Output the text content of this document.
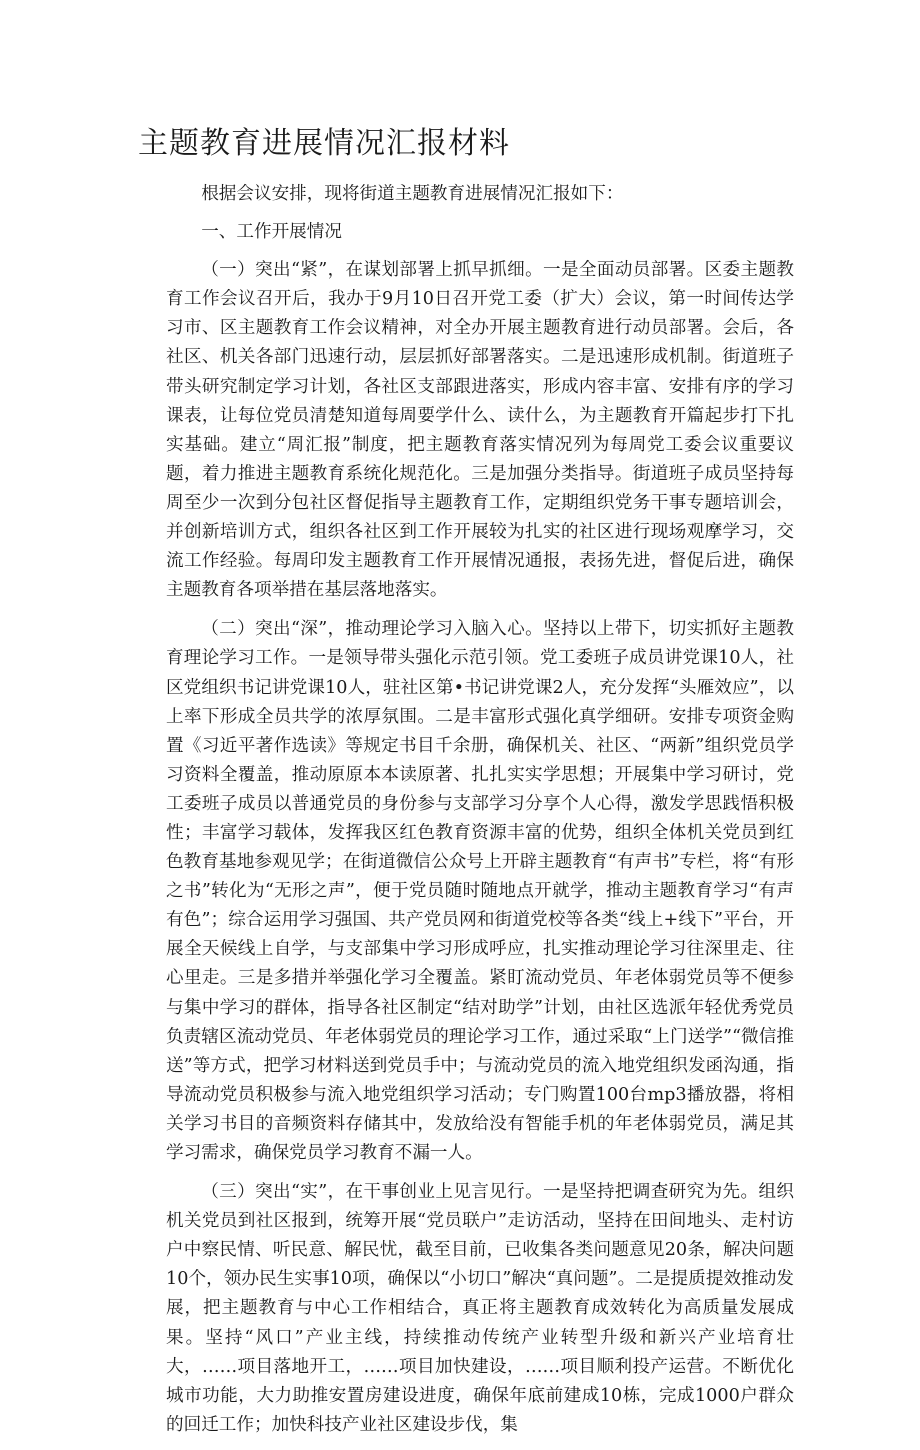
主题教育进展情况汇报材料

根据会议安排，现将街道主题教育进展情况汇报如下：

一、工作开展情况

（一）突出“紧”，在谋划部署上抓早抓细。一是全面动员部署。区委主题教育工作会议召开后，我办于9月10日召开党工委（扩大）会议，第一时间传达学习市、区主题教育工作会议精神，对全办开展主题教育进行动员部署。会后，各社区、机关各部门迅速行动，层层抓好部署落实。二是迅速形成机制。街道班子带头研究制定学习计划，各社区支部跟进落实，形成内容丰富、安排有序的学习课表，让每位党员清楚知道每周要学什么、读什么，为主题教育开篇起步打下扎实基础。建立“周汇报”制度，把主题教育落实情况列为每周党工委会议重要议题，着力推进主题教育系统化规范化。三是加强分类指导。街道班子成员坚持每周至少一次到分包社区督促指导主题教育工作，定期组织党务干事专题培训会，并创新培训方式，组织各社区到工作开展较为扎实的社区进行现场观摩学习，交流工作经验。每周印发主题教育工作开展情况通报，表扬先进，督促后进，确保主题教育各项举措在基层落地落实。

（二）突出“深”，推动理论学习入脑入心。坚持以上带下，切实抓好主题教育理论学习工作。一是领导带头强化示范引领。党工委班子成员讲党课10人，社区党组织书记讲党课10人，驻社区第•书记讲党课2人，充分发挥“头雁效应”，以上率下形成全员共学的浓厚氛围。二是丰富形式强化真学细研。安排专项资金购置《习近平著作选读》等规定书目千余册，确保机关、社区、“两新”组织党员学习资料全覆盖，推动原原本本读原著、扎扎实实学思想；开展集中学习研讨，党工委班子成员以普通党员的身份参与支部学习分享个人心得，激发学思践悟积极性；丰富学习载体，发挥我区红色教育资源丰富的优势，组织全体机关党员到红色教育基地参观见学；在街道微信公众号上开辟主题教育“有声书”专栏，将“有形之书”转化为“无形之声”，便于党员随时随地点开就学，推动主题教育学习“有声有色”；综合运用学习强国、共产党员网和街道党校等各类“线上+线下”平台，开展全天候线上自学，与支部集中学习形成呼应，扎实推动理论学习往深里走、往心里走。三是多措并举强化学习全覆盖。紧盯流动党员、年老体弱党员等不便参与集中学习的群体，指导各社区制定“结对助学”计划，由社区选派年轻优秀党员负责辖区流动党员、年老体弱党员的理论学习工作，通过采取“上门送学”“微信推送”等方式，把学习材料送到党员手中；与流动党员的流入地党组织发函沟通，指导流动党员积极参与流入地党组织学习活动；专门购置100台mp3播放器，将相关学习书目的音频资料存储其中，发放给没有智能手机的年老体弱党员，满足其学习需求，确保党员学习教育不漏一人。

（三）突出“实”，在干事创业上见言见行。一是坚持把调查研究为先。组织机关党员到社区报到，统筹开展“党员联户”走访活动，坚持在田间地头、走村访户中察民情、听民意、解民忧，截至目前，已收集各类问题意见20条，解决问题10个，领办民生实事10项，确保以“小切口”解决“真问题”。二是提质提效推动发展，把主题教育与中心工作相结合，真正将主题教育成效转化为高质量发展成果。坚持“风口”产业主线，持续推动传统产业转型升级和新兴产业培育壮大，……项目落地开工，……项目加快建设，……项目顺利投产运营。不断优化城市功能，大力助推安置房建设进度，确保年底前建成10栋，完成1000户群众的回迁工作；加快科技产业社区建设步伐，集
